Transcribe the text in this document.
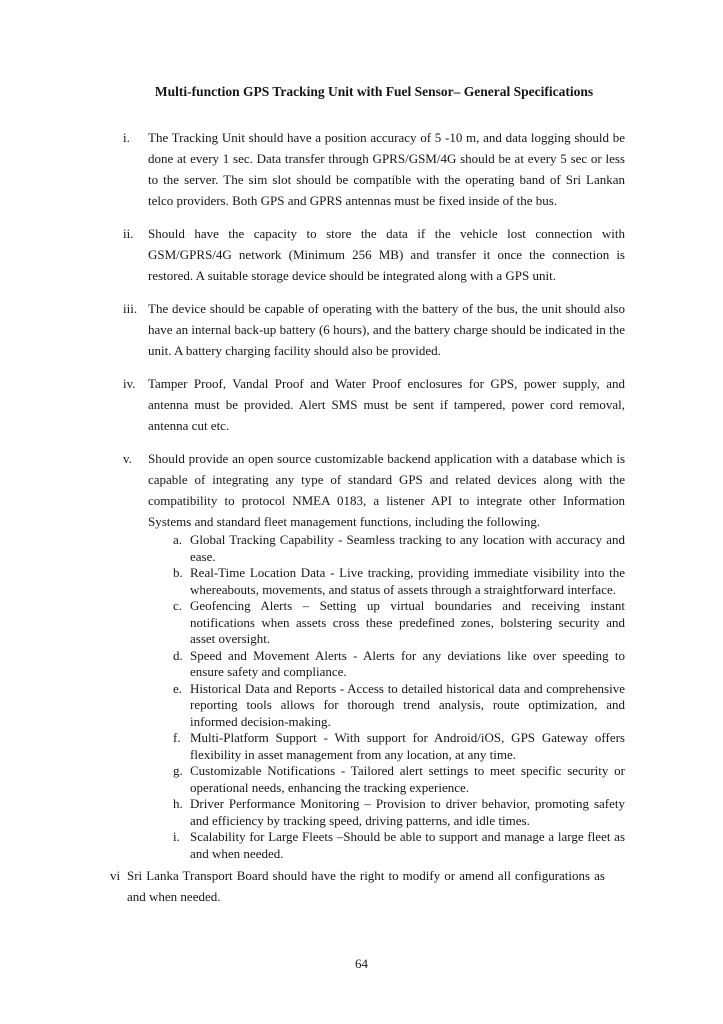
Multi-function GPS Tracking Unit with Fuel Sensor– General Specifications
i. The Tracking Unit should have a position accuracy of 5 -10 m, and data logging should be done at every 1 sec. Data transfer through GPRS/GSM/4G should be at every 5 sec or less to the server. The sim slot should be compatible with the operating band of Sri Lankan telco providers. Both GPS and GPRS antennas must be fixed inside of the bus.
ii. Should have the capacity to store the data if the vehicle lost connection with GSM/GPRS/4G network (Minimum 256 MB) and transfer it once the connection is restored. A suitable storage device should be integrated along with a GPS unit.
iii. The device should be capable of operating with the battery of the bus, the unit should also have an internal back-up battery (6 hours), and the battery charge should be indicated in the unit. A battery charging facility should also be provided.
iv. Tamper Proof, Vandal Proof and Water Proof enclosures for GPS, power supply, and antenna must be provided. Alert SMS must be sent if tampered, power cord removal, antenna cut etc.
v. Should provide an open source customizable backend application with a database which is capable of integrating any type of standard GPS and related devices along with the compatibility to protocol NMEA 0183, a listener API to integrate other Information Systems and standard fleet management functions, including the following.
a. Global Tracking Capability - Seamless tracking to any location with accuracy and ease.
b. Real-Time Location Data - Live tracking, providing immediate visibility into the whereabouts, movements, and status of assets through a straightforward interface.
c. Geofencing Alerts – Setting up virtual boundaries and receiving instant notifications when assets cross these predefined zones, bolstering security and asset oversight.
d. Speed and Movement Alerts - Alerts for any deviations like over speeding to ensure safety and compliance.
e. Historical Data and Reports - Access to detailed historical data and comprehensive reporting tools allows for thorough trend analysis, route optimization, and informed decision-making.
f. Multi-Platform Support - With support for Android/iOS, GPS Gateway offers flexibility in asset management from any location, at any time.
g. Customizable Notifications - Tailored alert settings to meet specific security or operational needs, enhancing the tracking experience.
h. Driver Performance Monitoring – Provision to driver behavior, promoting safety and efficiency by tracking speed, driving patterns, and idle times.
i. Scalability for Large Fleets –Should be able to support and manage a large fleet as and when needed.
vi Sri Lanka Transport Board should have the right to modify or amend all configurations as and when needed.
64
